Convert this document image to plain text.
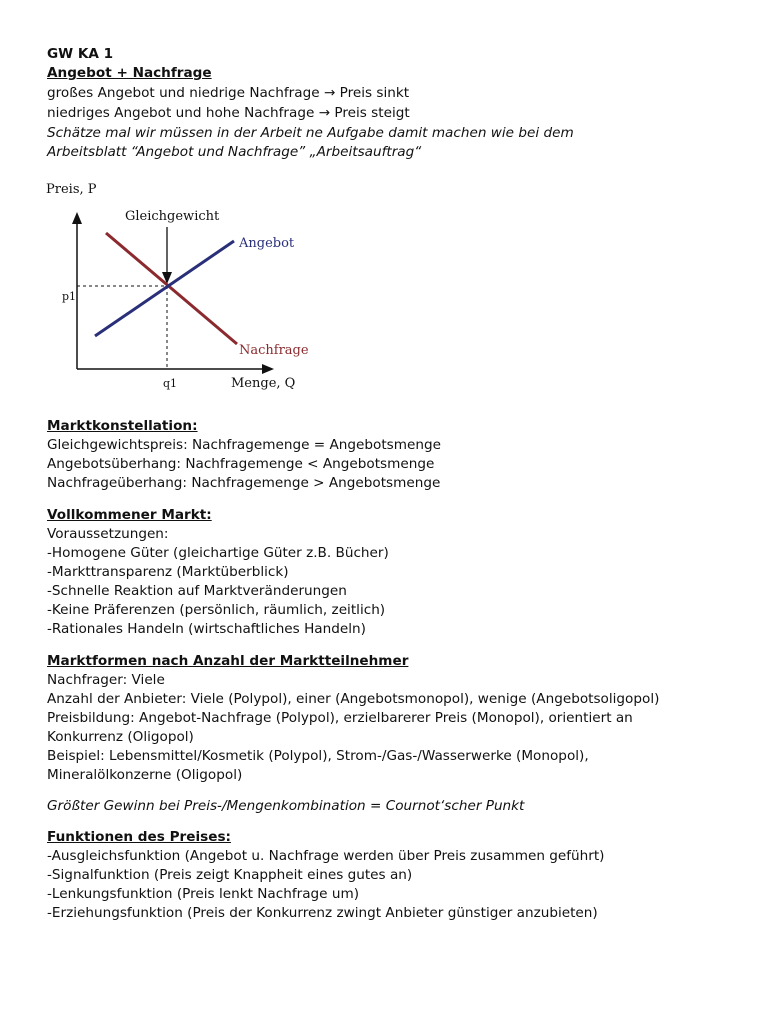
GW KA 1
Angebot + Nachfrage
großes Angebot und niedrige Nachfrage → Preis sinkt
niedriges Angebot und hohe Nachfrage → Preis steigt
Schätze mal wir müssen in der Arbeit ne Aufgabe damit machen wie bei dem
Arbeitsblatt “Angebot und Nachfrage” „Arbeitsauftrag“
Preis, P
Gleichgewicht
Angebot
Nachfrage
p1
q1	Menge, Q
Marktkonstellation:
Gleichgewichtspreis: Nachfragemenge = Angebotsmenge
Angebotsüberhang: Nachfragemenge < Angebotsmenge
Nachfrageüberhang: Nachfragemenge > Angebotsmenge
Vollkommener Markt:
Voraussetzungen:
-Homogene Güter (gleichartige Güter z.B. Bücher)
-Markttransparenz (Marktüberblick)
-Schnelle Reaktion auf Marktveränderungen
-Keine Präferenzen (persönlich, räumlich, zeitlich)
-Rationales Handeln (wirtschaftliches Handeln)
Marktformen nach Anzahl der Marktteilnehmer
Nachfrager: Viele
Anzahl der Anbieter: Viele (Polypol), einer (Angebotsmonopol), wenige (Angebotsoligopol)
Preisbildung: Angebot-Nachfrage (Polypol), erzielbarerer Preis (Monopol), orientiert an
Konkurrenz (Oligopol)
Beispiel: Lebensmittel/Kosmetik (Polypol), Strom-/Gas-/Wasserwerke (Monopol),
Mineralölkonzerne (Oligopol)
Größter Gewinn bei Preis-/Mengenkombination = Cournot‘scher Punkt
Funktionen des Preises:
-Ausgleichsfunktion (Angebot u. Nachfrage werden über Preis zusammen geführt)
-Signalfunktion (Preis zeigt Knappheit eines gutes an)
-Lenkungsfunktion (Preis lenkt Nachfrage um)
-Erziehungsfunktion (Preis der Konkurrenz zwingt Anbieter günstiger anzubieten)
